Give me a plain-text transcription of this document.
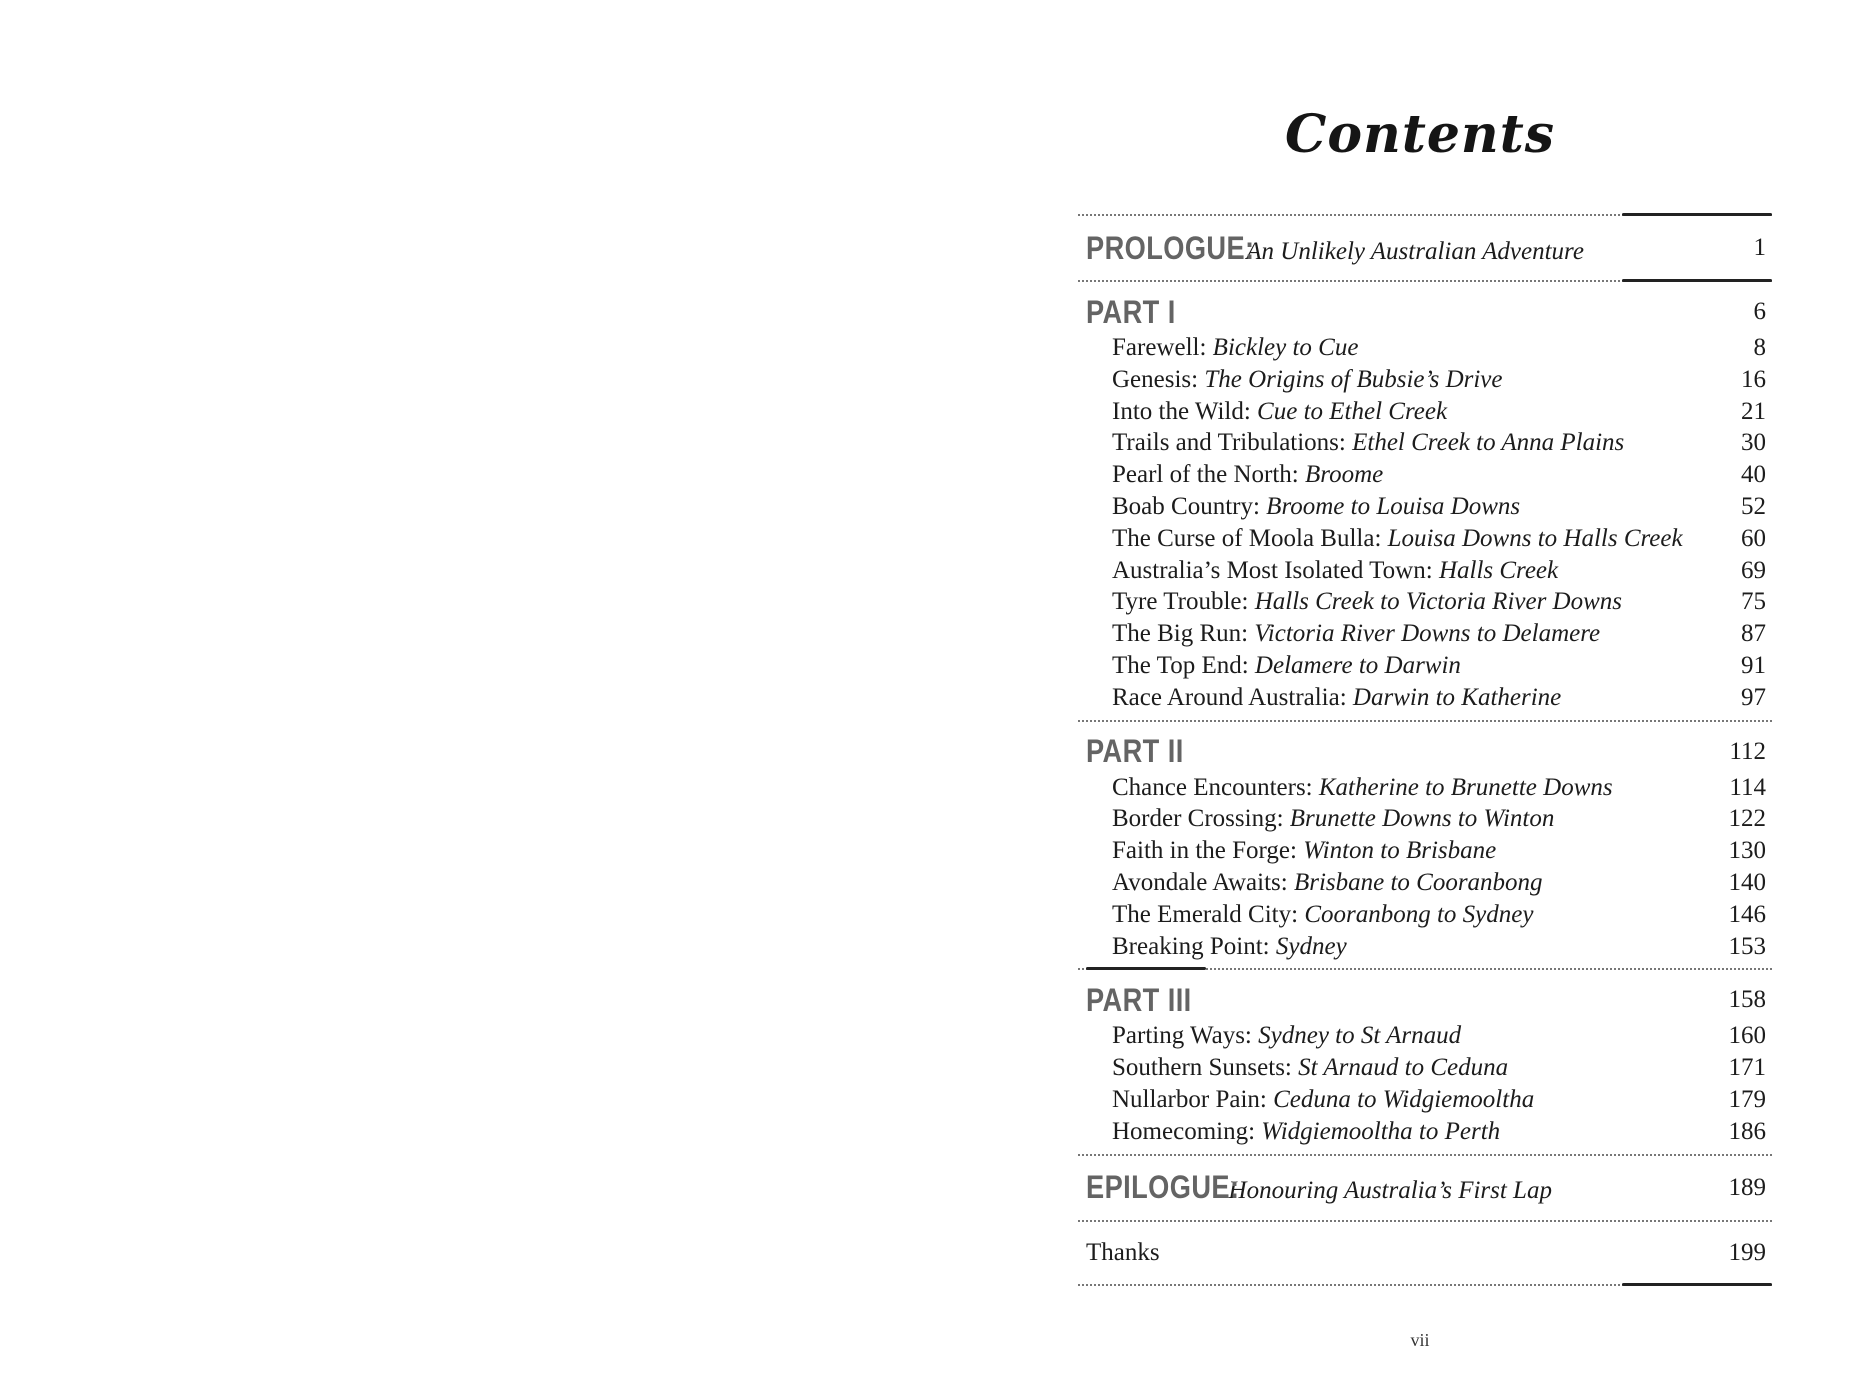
Contents
PROLOGUE:
An Unlikely Australian Adventure	1
PART I	6
Farewell: Bickley to Cue	8
Genesis: The Origins of Bubsie’s Drive	16
Into the Wild: Cue to Ethel Creek	21
Trails and Tribulations: Ethel Creek to Anna Plains	30
Pearl of the North: Broome	40
Boab Country: Broome to Louisa Downs	52
The Curse of Moola Bulla: Louisa Downs to Halls Creek 60
Australia’s Most Isolated Town: Halls Creek	69
Tyre Trouble: Halls Creek to Victoria River Downs	75
The Big Run: Victoria River Downs to Delamere	87
The Top End: Delamere to Darwin	91
Race Around Australia: Darwin to Katherine	97
PART II	112
Chance Encounters: Katherine to Brunette Downs	114
Border Crossing: Brunette Downs to Winton	122
Faith in the Forge: Winton to Brisbane	130
Avondale Awaits: Brisbane to Cooranbong	140
The Emerald City: Cooranbong to Sydney	146
Breaking Point: Sydney	153
PART III	158
Parting Ways: Sydney to St Arnaud	160
Southern Sunsets: St Arnaud to Ceduna	171
Nullarbor Pain: Ceduna to Widgiemooltha	179
Homecoming: Widgiemooltha to Perth	186
EPILOGUE:
Honouring Australia’s First Lap	189
Thanks	199
vii
